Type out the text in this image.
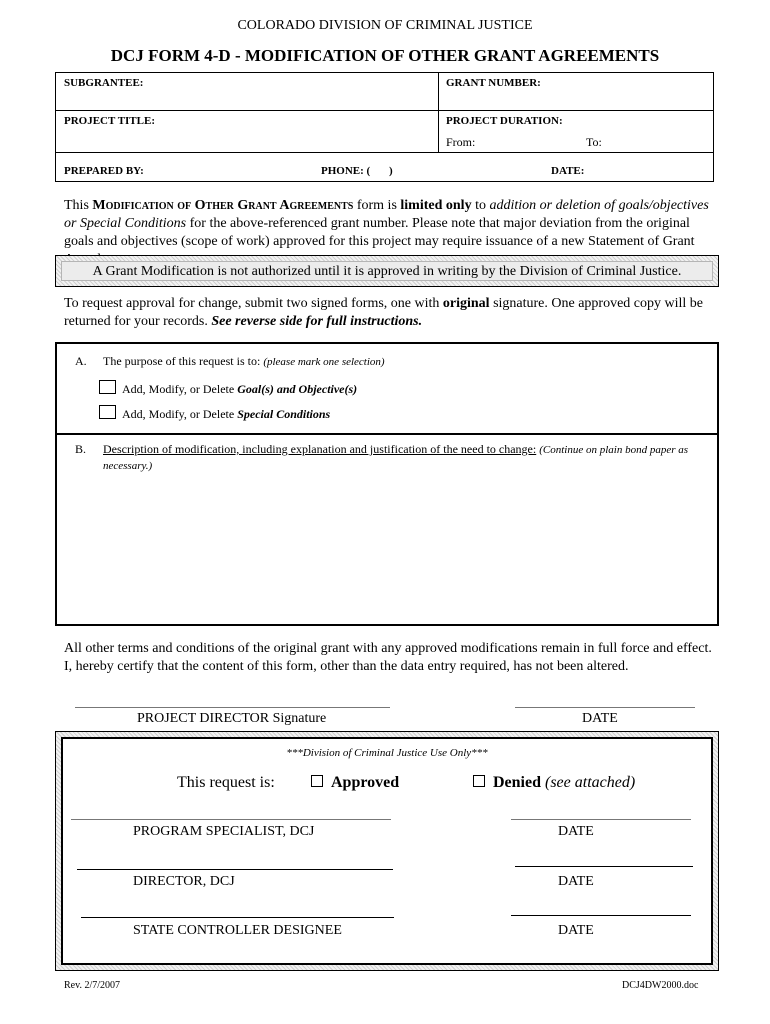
COLORADO DIVISION OF CRIMINAL JUSTICE
DCJ FORM 4-D - MODIFICATION OF OTHER GRANT AGREEMENTS
SUBGRANTEE:	GRANT NUMBER:
PROJECT TITLE:	PROJECT DURATION:
From:	To:
PREPARED BY:	PHONE: ( )	DATE:
This Modification of Other Grant Agreements form is limited only to addition or deletion of goals/objectives or Special Conditions for the above-referenced grant number. Please note that major deviation from the original goals and objectives (scope of work) approved for this project may require issuance of a new Statement of Grant
A Grant Modification is not authorized until it is approved in writing by the Division of Criminal Justice.
To request approval for change, submit two signed forms, one with original signature. One approved copy will be returned for your records. See reverse side for full instructions.
A. The purpose of this request is to: (please mark one selection)
Add, Modify, or Delete Goal(s) and Objective(s)
Add, Modify, or Delete Special Conditions
B. Description of modification, including explanation and justification of the need to change: (Continue on plain bond paper as necessary.)
All other terms and conditions of the original grant with any approved modifications remain in full force and effect.
I, hereby certify that the content of this form, other than the data entry required, has not been altered.
PROJECT DIRECTOR Signature	DATE
***Division of Criminal Justice Use Only***
This request is:	Approved	Denied (see attached)
PROGRAM SPECIALIST, DCJ	DATE
DIRECTOR, DCJ	DATE
STATE CONTROLLER DESIGNEE	DATE
Rev. 2/7/2007	DCJ4DW2000.doc
